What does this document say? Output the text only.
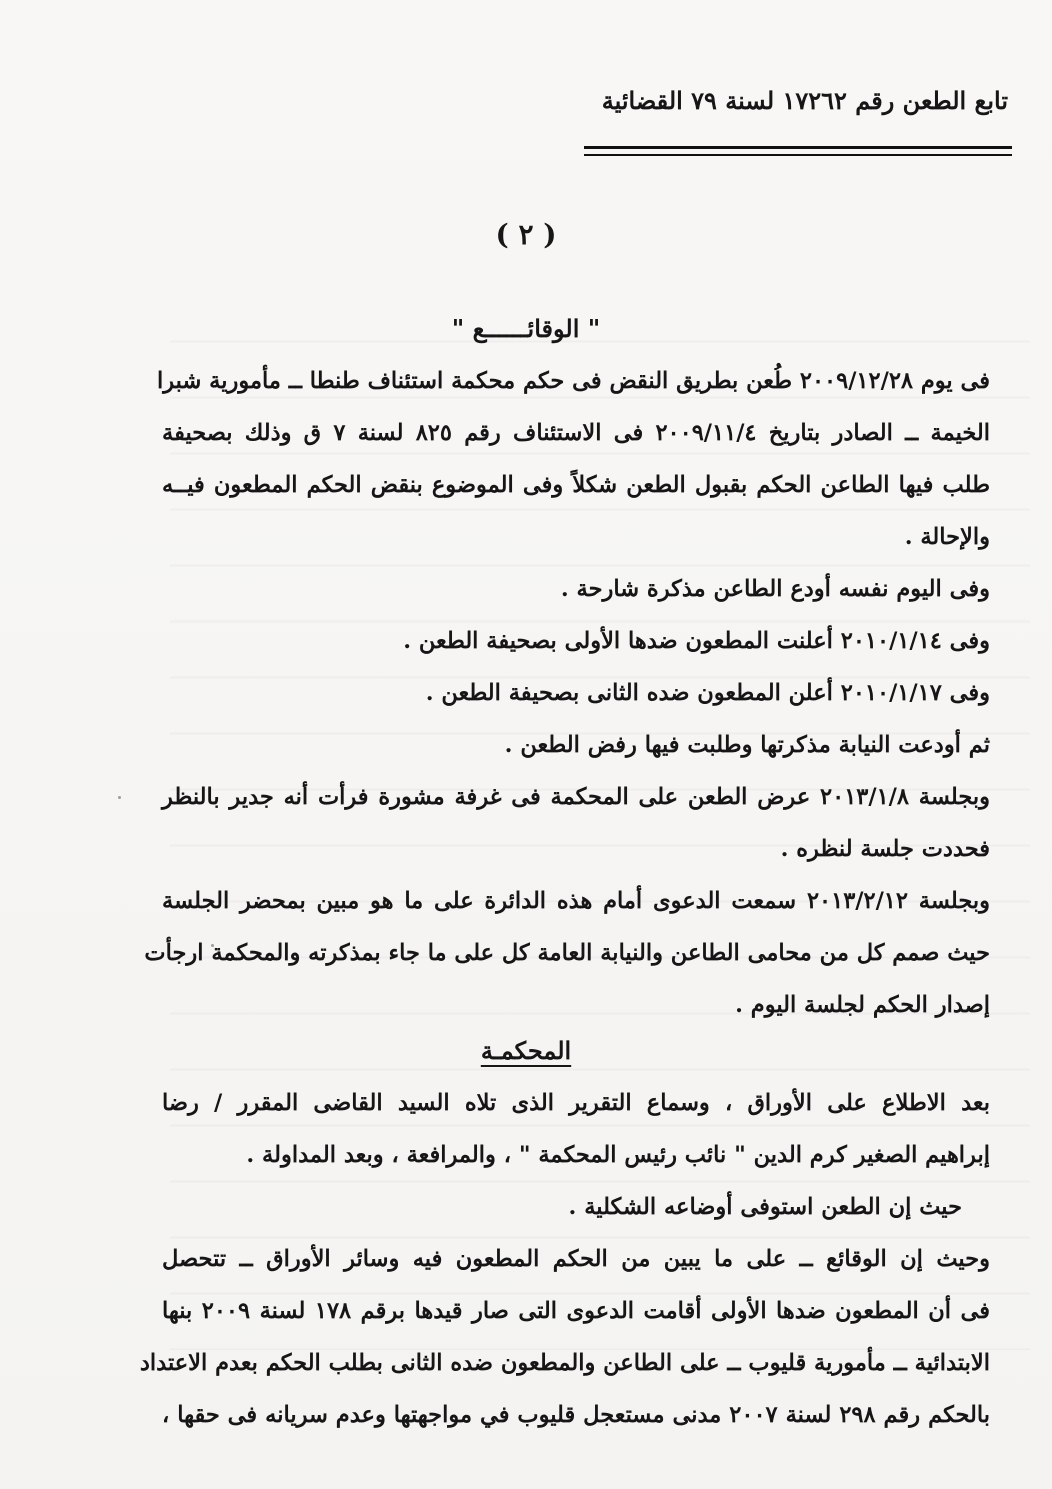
تابع الطعن رقم ١٧٢٦٢ لسنة ٧٩ القضائية
( ٢ )
" الوقائــــــع "
فى يوم ٢٠٠٩/١٢/٢٨ طُعن بطريق النقض فى حكم محكمة استئناف طنطا ــ مأمورية شبرا
الخيمة ــ الصادر بتاريخ ٢٠٠٩/١١/٤ فى الاستئناف رقم ٨٢٥ لسنة ٧ ق وذلك بصحيفة
طلب فيها الطاعن الحكم بقبول الطعن شكلاً وفى الموضوع بنقض الحكم المطعون فيــه
والإحالة .
وفى اليوم نفسه أودع الطاعن مذكرة شارحة .
وفى ٢٠١٠/١/١٤ أعلنت المطعون ضدها الأولى بصحيفة الطعن .
وفى ٢٠١٠/١/١٧ أعلن المطعون ضده الثانى بصحيفة الطعن .
ثم أودعت النيابة مذكرتها وطلبت فيها رفض الطعن .
وبجلسة ٢٠١٣/١/٨ عرض الطعن على المحكمة فى غرفة مشورة فرأت أنه جدير بالنظر
فحددت جلسة لنظره .
وبجلسة ٢٠١٣/٢/١٢ سمعت الدعوى أمام هذه الدائرة على ما هو مبين بمحضر الجلسة
حيث صمم كل من محامى الطاعن والنيابة العامة كل على ما جاء بمذكرته والمحكمة ارجأت
إصدار الحكم لجلسة اليوم .
المحكمـة
بعد الاطلاع على الأوراق ، وسماع التقرير الذى تلاه السيد القاضى المقرر / رضا
إبراهيم الصغير كرم الدين " نائب رئيس المحكمة " ، والمرافعة ، وبعد المداولة .
حيث إن الطعن استوفى أوضاعه الشكلية .
وحيث إن الوقائع ــ على ما يبين من الحكم المطعون فيه وسائر الأوراق ــ تتحصل
فى أن المطعون ضدها الأولى أقامت الدعوى التى صار قيدها برقم ١٧٨ لسنة ٢٠٠٩ بنها
الابتدائية ــ مأمورية قليوب ــ على الطاعن والمطعون ضده الثانى بطلب الحكم بعدم الاعتداد
بالحكم رقم ٢٩٨ لسنة ٢٠٠٧ مدنى مستعجل قليوب في مواجهتها وعدم سريانه فى حقها ،
